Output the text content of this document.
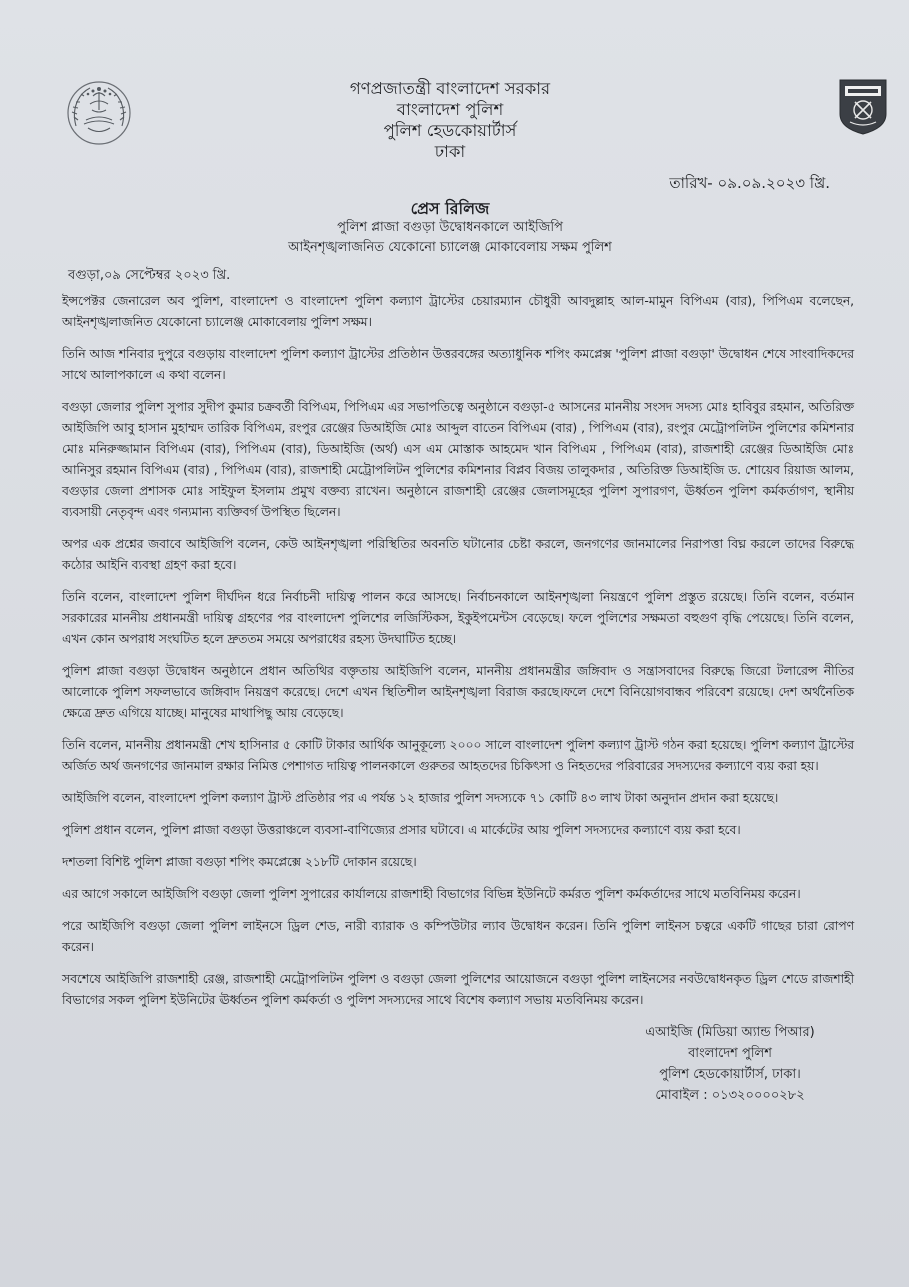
গণপ্রজাতন্ত্রী বাংলাদেশ সরকার
বাংলাদেশ পুলিশ
পুলিশ হেডকোয়ার্টার্স
ঢাকা
তারিখ- ০৯.০৯.২০২৩ খ্রি.
প্রেস রিলিজ
পুলিশ প্লাজা বগুড়া উদ্বোধনকালে আইজিপি
আইনশৃঙ্খলাজনিত যেকোনো চ্যালেঞ্জ মোকাবেলায় সক্ষম পুলিশ
বগুড়া,০৯ সেপ্টেম্বর ২০২৩ খ্রি.

ইন্সপেক্টর জেনারেল অব পুলিশ, বাংলাদেশ ও বাংলাদেশ পুলিশ কল্যাণ ট্রাস্টের চেয়ারম্যান চৌধুরী আবদুল্লাহ আল-মামুন বিপিএম (বার), পিপিএম বলেছেন, আইনশৃঙ্খলাজনিত যেকোনো চ্যালেঞ্জ মোকাবেলায় পুলিশ সক্ষম।

তিনি আজ শনিবার দুপুরে বগুড়ায় বাংলাদেশ পুলিশ কল্যাণ ট্রাস্টের প্রতিষ্ঠান উত্তরবঙ্গের অত্যাধুনিক শপিং কমপ্লেক্স 'পুলিশ প্লাজা বগুড়া' উদ্বোধন শেষে সাংবাদিকদের সাথে আলাপকালে এ কথা বলেন।

বগুড়া জেলার পুলিশ সুপার সুদীপ কুমার চক্রবর্তী বিপিএম, পিপিএম এর সভাপতিত্বে অনুষ্ঠানে বগুড়া-৫ আসনের মাননীয় সংসদ সদস্য মোঃ হাবিবুর রহমান, অতিরিক্ত আইজিপি আবু হাসান মুহাম্মদ তারিক বিপিএম, রংপুর রেঞ্জের ডিআইজি মোঃ আব্দুল বাতেন বিপিএম (বার) , পিপিএম (বার), রংপুর মেট্রোপলিটন পুলিশের কমিশনার মোঃ মনিরুজ্জামান বিপিএম (বার), পিপিএম (বার), ডিআইজি (অর্থ) এস এম মোস্তাক আহমেদ খান বিপিএম , পিপিএম (বার), রাজশাহী রেঞ্জের ডিআইজি মোঃ আনিসুর রহমান বিপিএম (বার) , পিপিএম (বার), রাজশাহী মেট্রোপলিটন পুলিশের কমিশনার বিপ্লব বিজয় তালুকদার , অতিরিক্ত ডিআইজি ড. শোয়েব রিয়াজ আলম, বগুড়ার জেলা প্রশাসক মোঃ সাইফুল ইসলাম প্রমুখ বক্তব্য রাখেন। অনুষ্ঠানে রাজশাহী রেঞ্জের জেলাসমূহের পুলিশ সুপারগণ, ঊর্ধ্বতন পুলিশ কর্মকর্তাগণ, স্থানীয় ব্যবসায়ী নেতৃবৃন্দ এবং গন্যমান্য ব্যক্তিবর্গ উপস্থিত ছিলেন।

অপর এক প্রশ্নের জবাবে আইজিপি বলেন, কেউ আইনশৃঙ্খলা পরিস্থিতির অবনতি ঘটানোর চেষ্টা করলে, জনগণের জানমালের নিরাপত্তা বিঘ্ন করলে তাদের বিরুদ্ধে কঠোর আইনি ব্যবস্থা গ্রহণ করা হবে।

তিনি বলেন, বাংলাদেশ পুলিশ দীর্ঘদিন ধরে নির্বাচনী দায়িত্ব পালন করে আসছে। নির্বাচনকালে আইনশৃঙ্খলা নিয়ন্ত্রণে পুলিশ প্রস্তুত রয়েছে। তিনি বলেন, বর্তমান সরকারের মাননীয় প্রধানমন্ত্রী দায়িত্ব গ্রহণের পর বাংলাদেশ পুলিশের লজিস্টিকস, ইকুইপমেন্টস বেড়েছে। ফলে পুলিশের সক্ষমতা বহুগুণ বৃদ্ধি পেয়েছে। তিনি বলেন, এখন কোন অপরাধ সংঘটিত হলে দ্রুততম সময়ে অপরাধের রহস্য উদঘাটিত হচ্ছে।

পুলিশ প্লাজা বগুড়া উদ্বোধন অনুষ্ঠানে প্রধান অতিথির বক্তৃতায় আইজিপি বলেন, মাননীয় প্রধানমন্ত্রীর জঙ্গিবাদ ও সন্ত্রাসবাদের বিরুদ্ধে জিরো টলারেন্স নীতির আলোকে পুলিশ সফলভাবে জঙ্গিবাদ নিয়ন্ত্রণ করেছে। দেশে এখন স্থিতিশীল আইনশৃঙ্খলা বিরাজ করছে।ফলে দেশে বিনিয়োগবান্ধব পরিবেশ রয়েছে। দেশ অর্থনৈতিক ক্ষেত্রে দ্রুত এগিয়ে যাচ্ছে। মানুষের মাথাপিছু আয় বেড়েছে।

তিনি বলেন, মাননীয় প্রধানমন্ত্রী শেখ হাসিনার ৫ কোটি টাকার আর্থিক আনুকূল্যে ২০০০ সালে বাংলাদেশ পুলিশ কল্যাণ ট্রাস্ট গঠন করা হয়েছে। পুলিশ কল্যাণ ট্রাস্টের অর্জিত অর্থ জনগণের জানমাল রক্ষার নিমিত্ত পেশাগত দায়িত্ব পালনকালে গুরুতর আহতদের চিকিৎসা ও নিহতদের পরিবারের সদস্যদের কল্যাণে ব্যয় করা হয়।

আইজিপি বলেন, বাংলাদেশ পুলিশ কল্যাণ ট্রাস্ট প্রতিষ্ঠার পর এ পর্যন্ত ১২ হাজার পুলিশ সদস্যকে ৭১ কোটি ৪৩ লাখ টাকা অনুদান প্রদান করা হয়েছে।

পুলিশ প্রধান বলেন, পুলিশ প্লাজা বগুড়া উত্তরাঞ্চলে ব্যবসা-বাণিজ্যের প্রসার ঘটাবে। এ মার্কেটের আয় পুলিশ সদস্যদের কল্যাণে ব্যয় করা হবে।

দশতলা বিশিষ্ট পুলিশ প্লাজা বগুড়া শপিং কমপ্লেক্সে ২১৮টি দোকান রয়েছে।

এর আগে সকালে আইজিপি বগুড়া জেলা পুলিশ সুপারের কার্যালয়ে রাজশাহী বিভাগের বিভিন্ন ইউনিটে কর্মরত পুলিশ কর্মকর্তাদের সাথে মতবিনিময় করেন।

পরে আইজিপি বগুড়া জেলা পুলিশ লাইনসে ড্রিল শেড, নারী ব্যারাক ও কম্পিউটার ল্যাব উদ্বোধন করেন। তিনি পুলিশ লাইনস চত্বরে একটি গাছের চারা রোপণ করেন।

সবশেষে আইজিপি রাজশাহী রেঞ্জ, রাজশাহী মেট্রোপলিটন পুলিশ ও বগুড়া জেলা পুলিশের আয়োজনে বগুড়া পুলিশ লাইনসের নবউদ্বোধনকৃত ড্রিল শেডে রাজশাহী বিভাগের সকল পুলিশ ইউনিটের ঊর্ধ্বতন পুলিশ কর্মকর্তা ও পুলিশ সদস্যদের সাথে বিশেষ কল্যাণ সভায় মতবিনিময় করেন।

এআইজি (মিডিয়া অ্যান্ড পিআর)
বাংলাদেশ পুলিশ
পুলিশ হেডকোয়ার্টার্স, ঢাকা।
মোবাইল : ০১৩২০০০০২৮২
